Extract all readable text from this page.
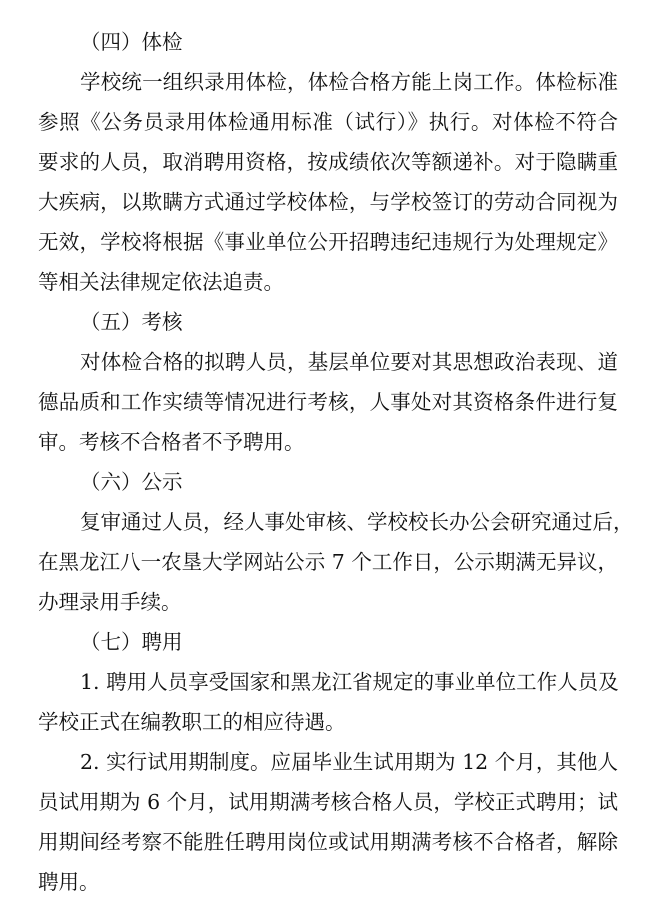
（四）体检
学校统一组织录用体检，体检合格方能上岗工作。体检标准
参照《公务员录用体检通用标准（试行）》执行。对体检不符合
要求的人员，取消聘用资格，按成绩依次等额递补。对于隐瞒重
大疾病，以欺瞒方式通过学校体检，与学校签订的劳动合同视为
无效，学校将根据《事业单位公开招聘违纪违规行为处理规定》
等相关法律规定依法追责。
（五）考核
对体检合格的拟聘人员，基层单位要对其思想政治表现、道
德品质和工作实绩等情况进行考核，人事处对其资格条件进行复
审。考核不合格者不予聘用。
（六）公示
复审通过人员，经人事处审核、学校校长办公会研究通过后，
在黑龙江八一农垦大学网站公示 7 个工作日，公示期满无异议，
办理录用手续。
（七）聘用
1. 聘用人员享受国家和黑龙江省规定的事业单位工作人员及
学校正式在编教职工的相应待遇。
2. 实行试用期制度。应届毕业生试用期为 12 个月，其他人
员试用期为 6 个月，试用期满考核合格人员，学校正式聘用；试
用期间经考察不能胜任聘用岗位或试用期满考核不合格者，解除
聘用。
